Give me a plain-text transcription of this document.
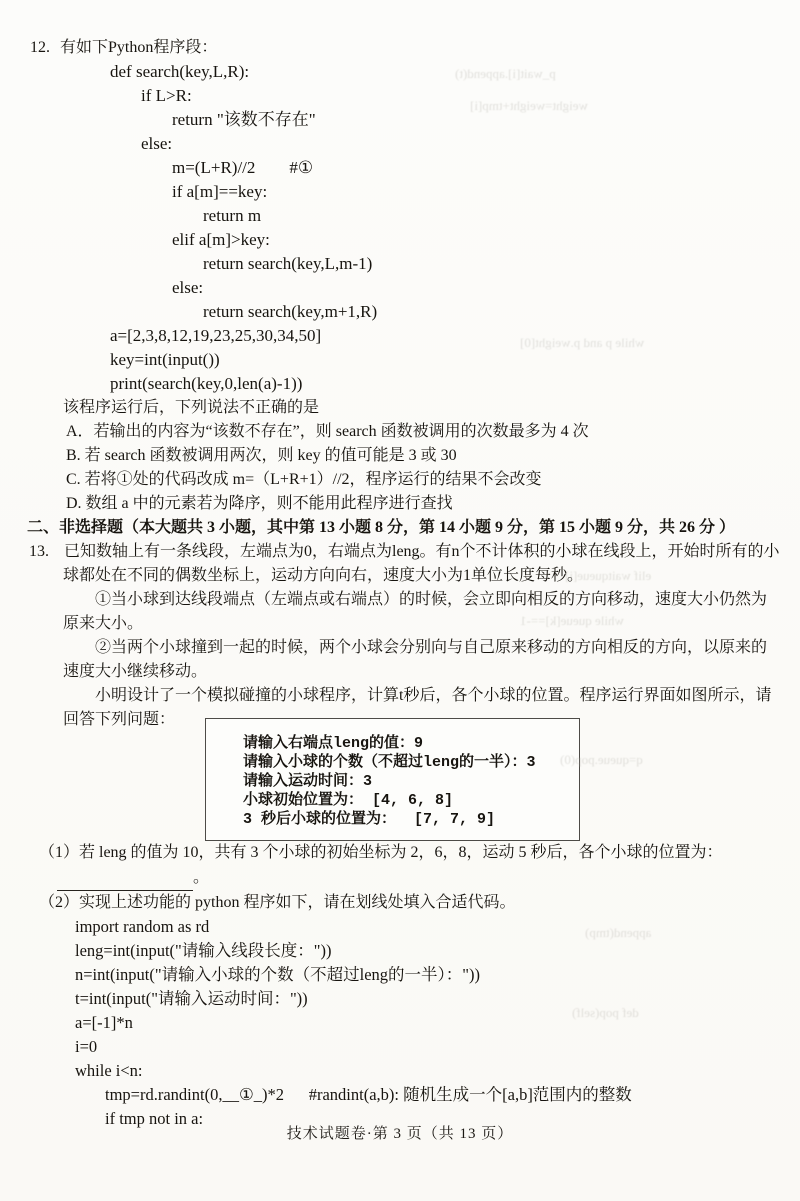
p_wait[i].append(t)
weight=weight+tmp[i]
while p and p.weight[0]
elif waitqueue[i]
while queue[k]==-1
q=queue.pop(0)
append(tmp)
def pop(self)
12. 有如下Python程序段：
def search(key,L,R):
if L>R:
return "该数不存在"
else:
m=(L+R)//2        #①
if a[m]==key:
return m
elif a[m]>key:
return search(key,L,m-1)
else:
return search(key,m+1,R)
a=[2,3,8,12,19,23,25,30,34,50]
key=int(input())
print(search(key,0,len(a)-1))
该程序运行后，下列说法不正确的是
A．若输出的内容为“该数不存在”，则 search 函数被调用的次数最多为 4 次
B. 若 search 函数被调用两次，则 key 的值可能是 3 或 30
C. 若将①处的代码改成 m=（L+R+1）//2，程序运行的结果不会改变
D. 数组 a 中的元素若为降序，则不能用此程序进行查找
二、非选择题（本大题共 3 小题，其中第 13 小题 8 分，第 14 小题 9 分，第 15 小题 9 分，共 26 分 ）
13. 已知数轴上有一条线段，左端点为0，右端点为leng。有n个不计体积的小球在线段上，开始时所有的小
球都处在不同的偶数坐标上，运动方向向右，速度大小为1单位长度每秒。
①当小球到达线段端点（左端点或右端点）的时候，会立即向相反的方向移动，速度大小仍然为
原来大小。
②当两个小球撞到一起的时候，两个小球会分别向与自己原来移动的方向相反的方向，以原来的
速度大小继续移动。
小明设计了一个模拟碰撞的小球程序，计算t秒后，各个小球的位置。程序运行界面如图所示，请
回答下列问题：
请输入右端点leng的值：9
请输入小球的个数（不超过leng的一半）：3
请输入运动时间：3
小球初始位置为： [4, 6, 8]
3 秒后小球的位置为：  [7, 7, 9]
（1）若 leng 的值为 10，共有 3 个小球的初始坐标为 2，6，8，运动 5 秒后，各个小球的位置为：
。
（2）实现上述功能的 python 程序如下，请在划线处填入合适代码。
import random as rd
leng=int(input("请输入线段长度："))
n=int(input("请输入小球的个数（不超过leng的一半）："))
t=int(input("请输入运动时间："))
a=[-1]*n
i=0
while i<n:
tmp=rd.randint(0,__①_)*2      #randint(a,b): 随机生成一个[a,b]范围内的整数
if tmp not in a:
技术试题卷·第 3 页（共 13 页）
